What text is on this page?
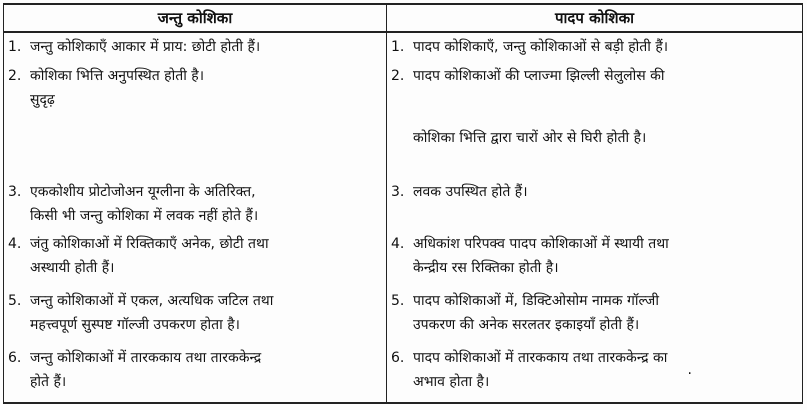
जन्तु कोशिका	पादप कोशिका

1. जन्तु कोशिकाएँ आकार में प्राय: छोटी होती हैं।	1. पादप कोशिकाएँ, जन्तु कोशिकाओं से बड़ी होती हैं।

2. कोशिका भित्ति अनुपस्थित होती है।
सुदृढ़	2. पादप कोशिकाओं की प्लाज्मा झिल्ली सेलुलोस की
कोशिका भित्ति द्वारा चारों ओर से घिरी होती है।

3. एककोशीय प्रोटोजोअन यूग्लीना के अतिरिक्त,
किसी भी जन्तु कोशिका में लवक नहीं होते हैं।	3. लवक उपस्थित होते हैं।

4. जंतु कोशिकाओं में रिक्तिकाएँ अनेक, छोटी तथा
अस्थायी होती हैं।	4. अधिकांश परिपक्व पादप कोशिकाओं में स्थायी तथा
केन्द्रीय रस रिक्तिका होती है।

5. जन्तु कोशिकाओं में एकल, अत्यधिक जटिल तथा
महत्त्वपूर्ण सुस्पष्ट गॉल्जी उपकरण होता है।	5. पादप कोशिकाओं में, डिक्टिओसोम नामक गॉल्जी
उपकरण की अनेक सरलतर इकाइयाँ होती हैं।

6. जन्तु कोशिकाओं में तारककाय तथा तारककेन्द्र
होते हैं।	6. पादप कोशिकाओं में तारककाय तथा तारककेन्द्र का
अभाव होता है।
.
